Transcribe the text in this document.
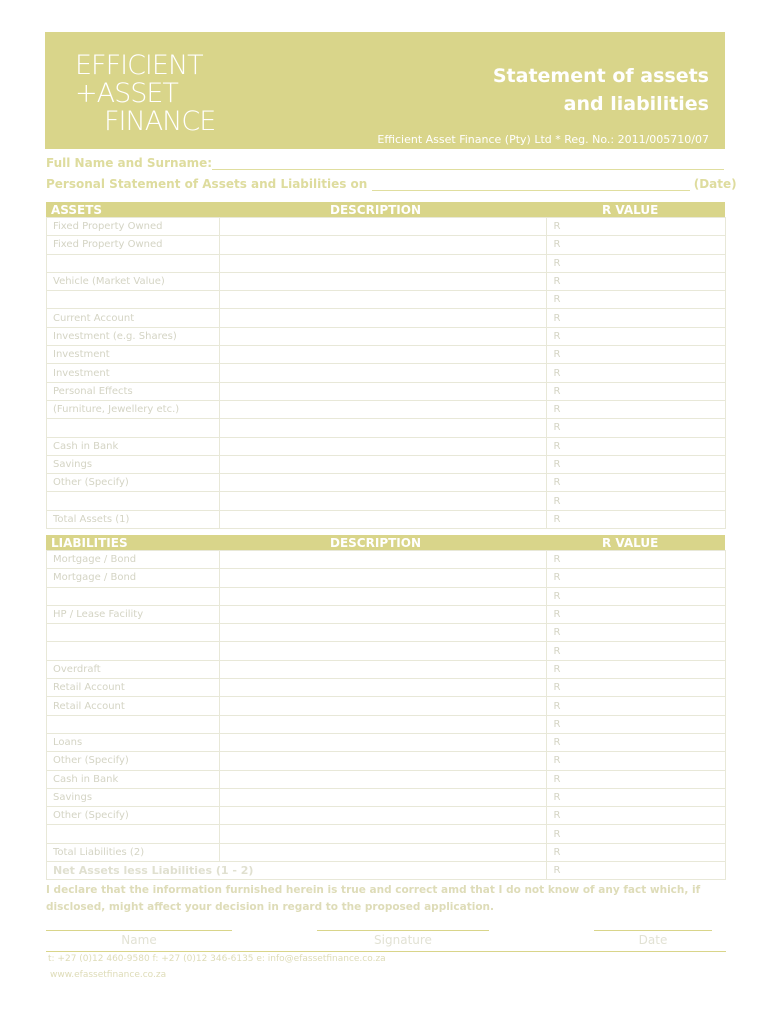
EFFICIENT
+ASSET
FINANCE
Statement of assets
and liabilities
Efficient Asset Finance (Pty) Ltd * Reg. No.: 2011/005710/07
Full Name and Surname:
Personal Statement of Assets and Liabilities on	(Date)
ASSETS	DESCRIPTION	R VALUE
Fixed Property Owned		R
Fixed Property Owned		R
		R
Vehicle (Market Value)		R
		R
Current Account		R
Investment (e.g. Shares)		R
Investment		R
Investment		R
Personal Effects		R
(Furniture, Jewellery etc.)		R
		R
Cash in Bank		R
Savings		R
Other (Specify)		R
		R
Total Assets (1)		R
LIABILITIES	DESCRIPTION	R VALUE
Mortgage / Bond		R
Mortgage / Bond		R
		R
HP / Lease Facility		R
		R
		R
Overdraft		R
Retail Account		R
Retail Account		R
		R
Loans		R
Other (Specify)		R
Cash in Bank		R
Savings		R
Other (Specify)		R
		R
Total Liabilities (2)		R
Net Assets less Liabilities (1 - 2)		R
I declare that the information furnished herein is true and correct amd that I do not know of any fact which, if disclosed, might affect your decision in regard to the proposed application.
Name	Signature	Date
t: +27 (0)12 460-9580 f: +27 (0)12 346-6135 e: info@efassetfinance.co.za
www.efassetfinance.co.za
